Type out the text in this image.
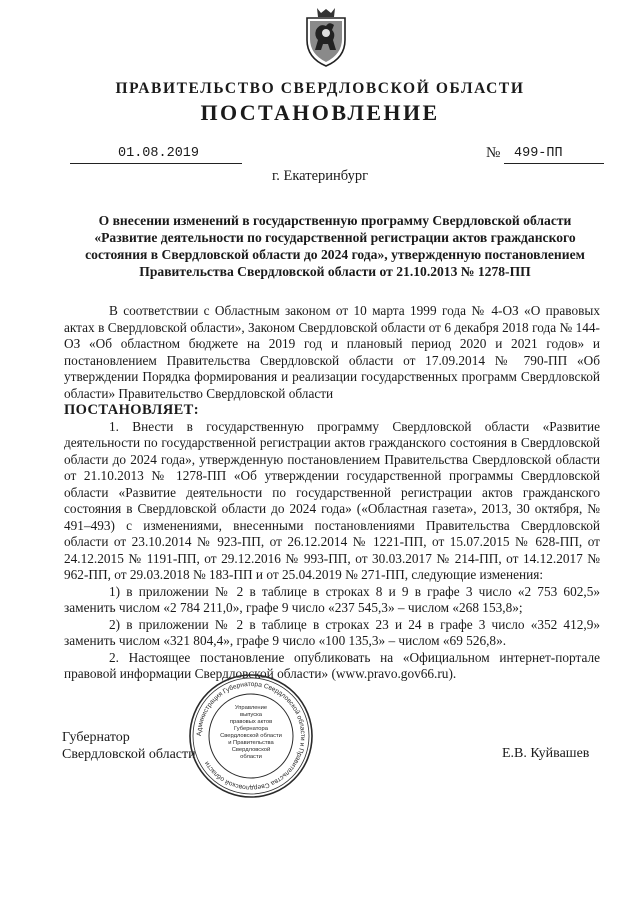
ПРАВИТЕЛЬСТВО СВЕРДЛОВСКОЙ ОБЛАСТИ
ПОСТАНОВЛЕНИЕ
01.08.2019	№ 499-ПП
г. Екатеринбург
О внесении изменений в государственную программу Свердловской области «Развитие деятельности по государственной регистрации актов гражданского состояния в Свердловской области до 2024 года», утвержденную постановлением Правительства Свердловской области от 21.10.2013 № 1278-ПП

В соответствии с Областным законом от 10 марта 1999 года № 4-ОЗ «О правовых актах в Свердловской области», Законом Свердловской области от 6 декабря 2018 года № 144-ОЗ «Об областном бюджете на 2019 год и плановый период 2020 и 2021 годов» и постановлением Правительства Свердловской области от 17.09.2014 № 790-ПП «Об утверждении Порядка формирования и реализации государственных программ Свердловской области» Правительство Свердловской области

ПОСТАНОВЛЯЕТ:

1. Внести в государственную программу Свердловской области «Развитие деятельности по государственной регистрации актов гражданского состояния в Свердловской области до 2024 года», утвержденную постановлением Правительства Свердловской области от 21.10.2013 № 1278-ПП «Об утверждении государственной программы Свердловской области «Развитие деятельности по государственной регистрации актов гражданского состояния в Свердловской области до 2024 года» («Областная газета», 2013, 30 октября, № 491–493) с изменениями, внесенными постановлениями Правительства Свердловской области от 23.10.2014 № 923-ПП, от 26.12.2014 № 1221-ПП, от 15.07.2015 № 628-ПП, от 24.12.2015 № 1191-ПП, от 29.12.2016 № 993-ПП, от 30.03.2017 № 214-ПП, от 14.12.2017 № 962-ПП, от 29.03.2018 № 183-ПП и от 25.04.2019 № 271-ПП, следующие изменения:

1) в приложении № 2 в таблице в строках 8 и 9 в графе 3 число «2 753 602,5» заменить числом «2 784 211,0», графе 9 число «237 545,3» – числом «268 153,8»;

2) в приложении № 2 в таблице в строках 23 и 24 в графе 3 число «352 412,9» заменить числом «321 804,4», графе 9 число «100 135,3» – числом «69 526,8».

2. Настоящее постановление опубликовать на «Официальном интернет-портале правовой информации Свердловской области» (www.pravo.gov66.ru).

Губернатор
Свердловской области	Е.В. Куйвашев
Администрация Губернатора Свердловской области и Правительства Свердловской области
Управление
выпуска
правовых актов
Губернатора
Свердловской области
и Правительства
Свердловской
области
